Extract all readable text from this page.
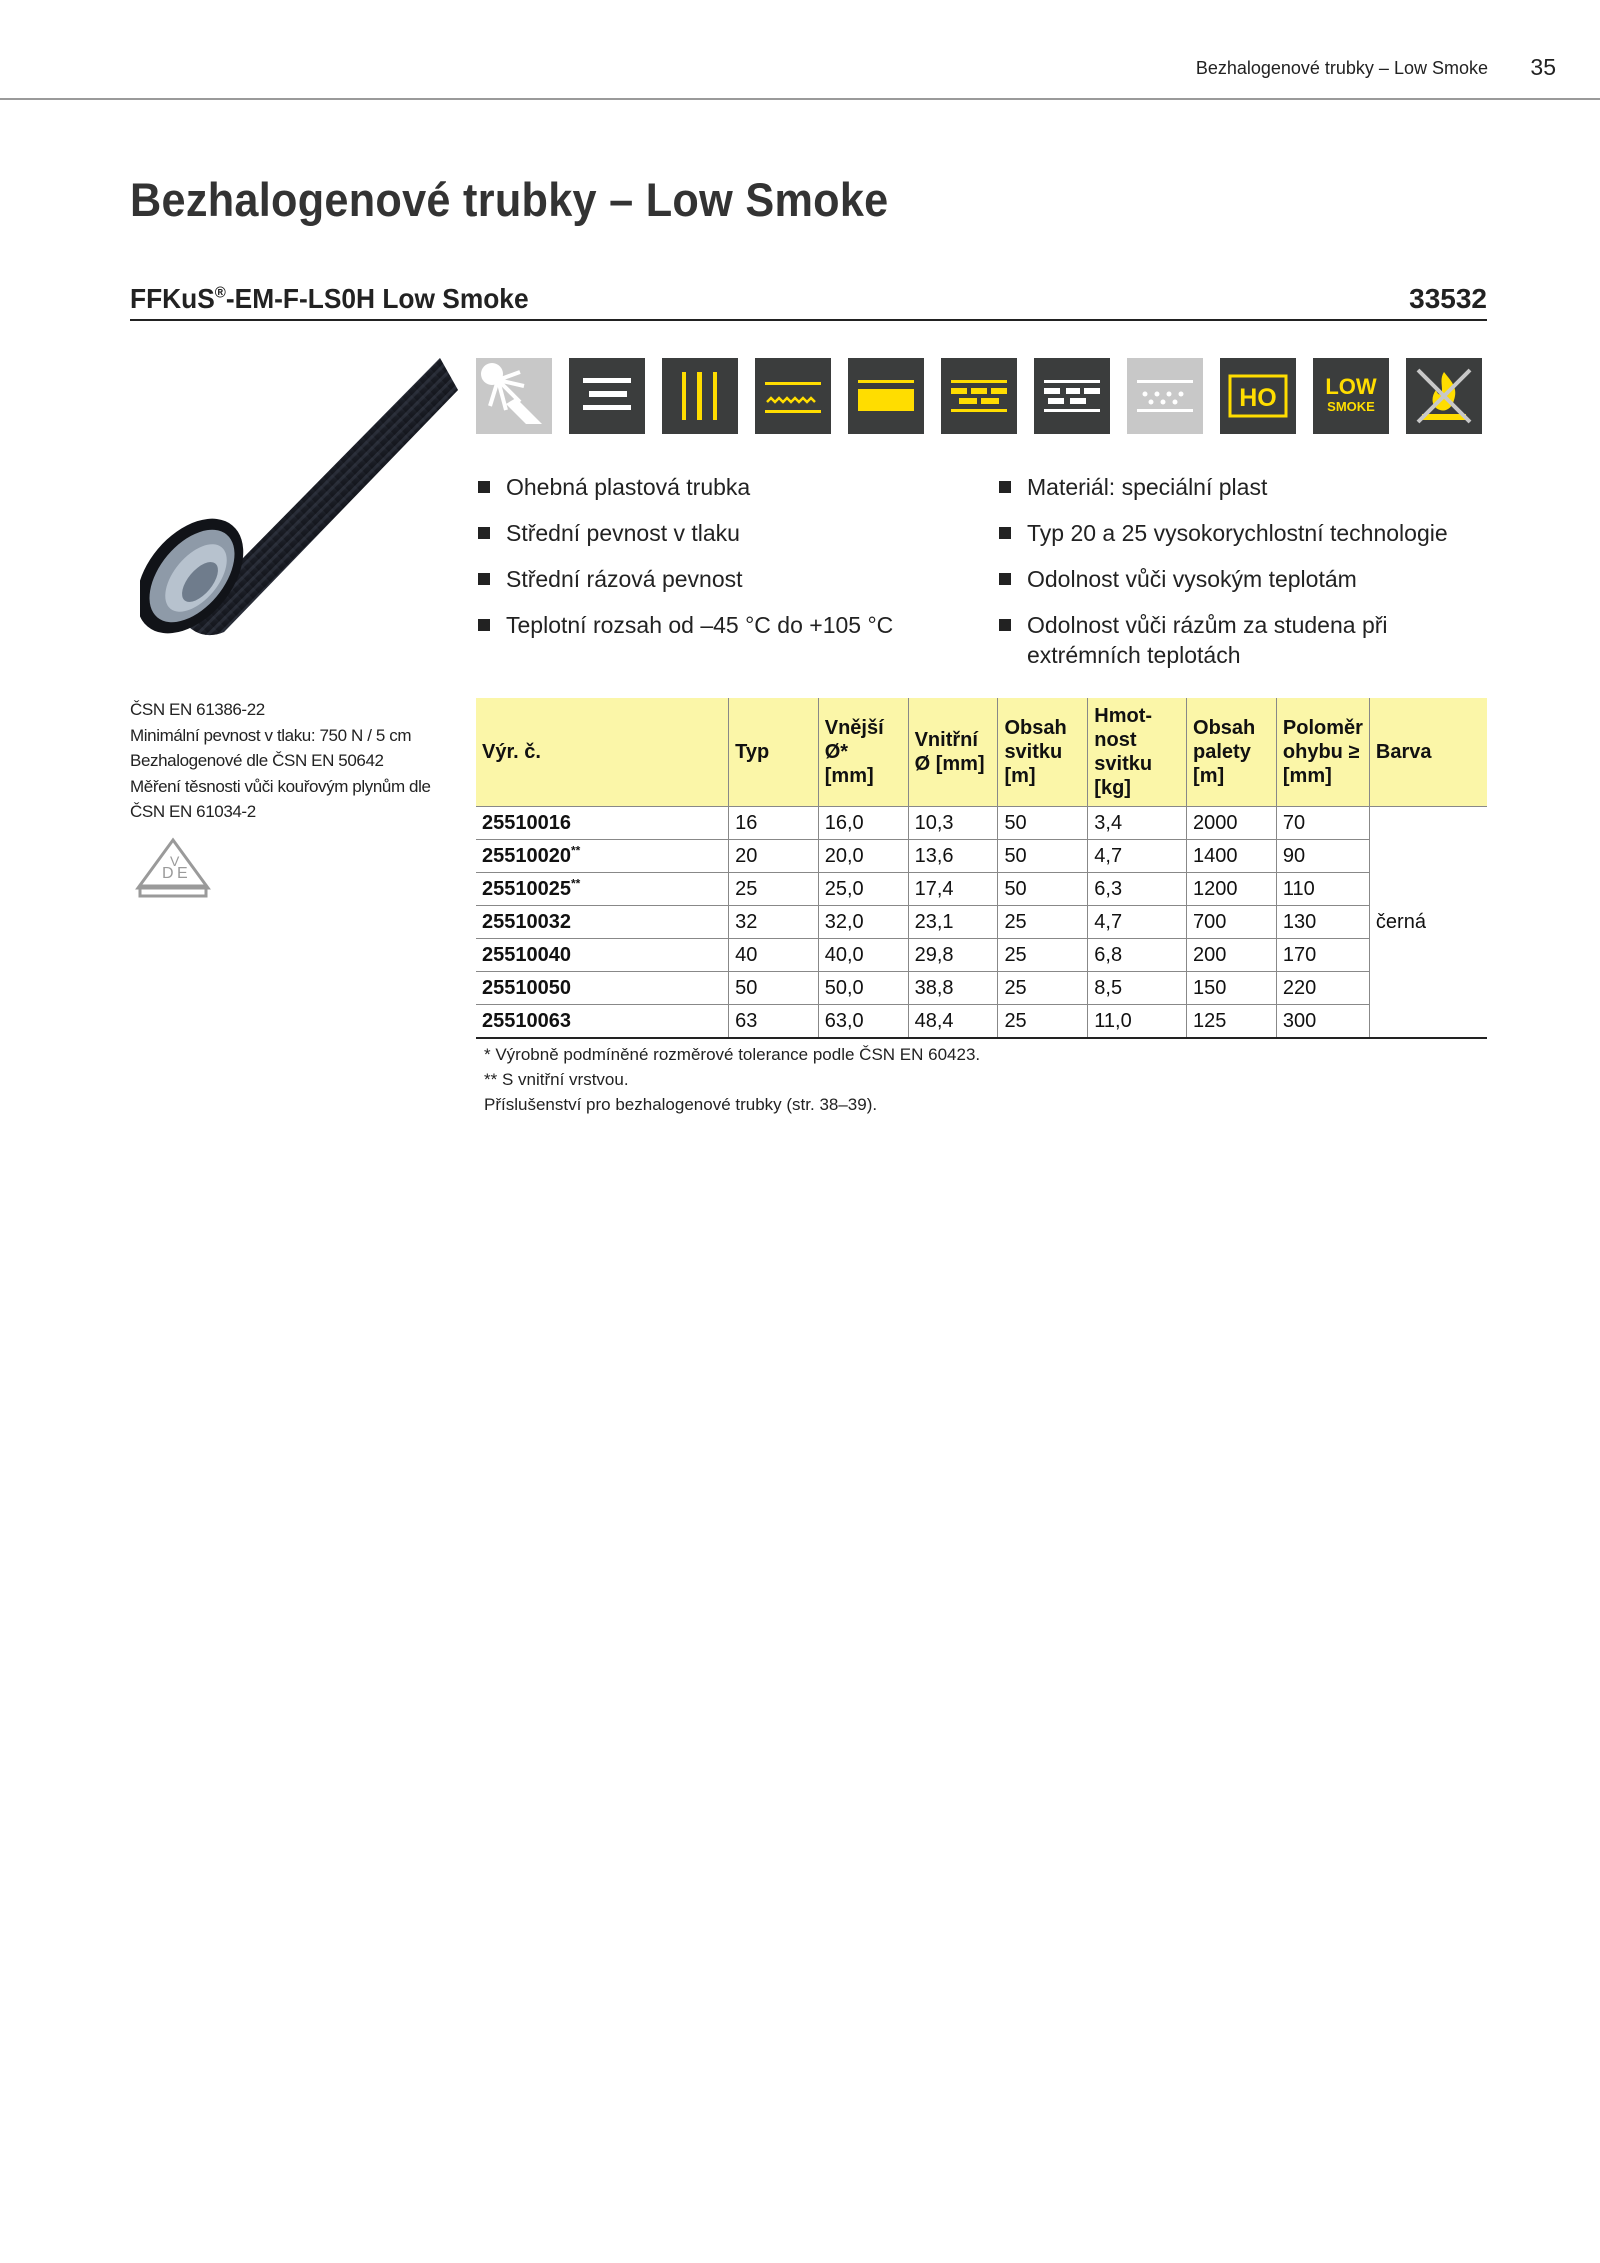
Bezhalogenové trubky – Low Smoke 35
Bezhalogenové trubky – Low Smoke
FFKuS®-EM-F-LS0H Low Smoke	33532
HO LOW
SMOKE
Ohebná plastová trubka
Střední pevnost v tlaku
Střední rázová pevnost
Teplotní rozsah od –45 °C do +105 °C
Materiál: speciální plast
Typ 20 a 25 vysokorychlostní technologie
Odolnost vůči vysokým teplotám
Odolnost vůči rázům za studena při extrémních teplotách
ČSN EN 61386-22
Minimální pevnost v tlaku: 750 N / 5 cm
Bezhalogenové dle ČSN EN 50642
Měření těsnosti vůči kouřovým plynům dle ČSN EN 61034-2
D
V
E
Výr. č.	Typ	Vnější Ø* [mm]	Vnitřní Ø [mm]	Obsah svitku [m]	Hmot-nost svitku [kg]	Obsah palety [m]	Poloměr ohybu ≥ [mm]	Barva
25510016	16	16,0	10,3	50	3,4	2000	70	černá
25510020**	20	20,0	13,6	50	4,7	1400	90	
25510025**	25	25,0	17,4	50	6,3	1200	110	
25510032	32	32,0	23,1	25	4,7	700	130	
25510040	40	40,0	29,8	25	6,8	200	170	
25510050	50	50,0	38,8	25	8,5	150	220	
25510063	63	63,0	48,4	25	11,0	125	300	
* Výrobně podmíněné rozměrové tolerance podle ČSN EN 60423.
** S vnitřní vrstvou.
Příslušenství pro bezhalogenové trubky (str. 38–39).
